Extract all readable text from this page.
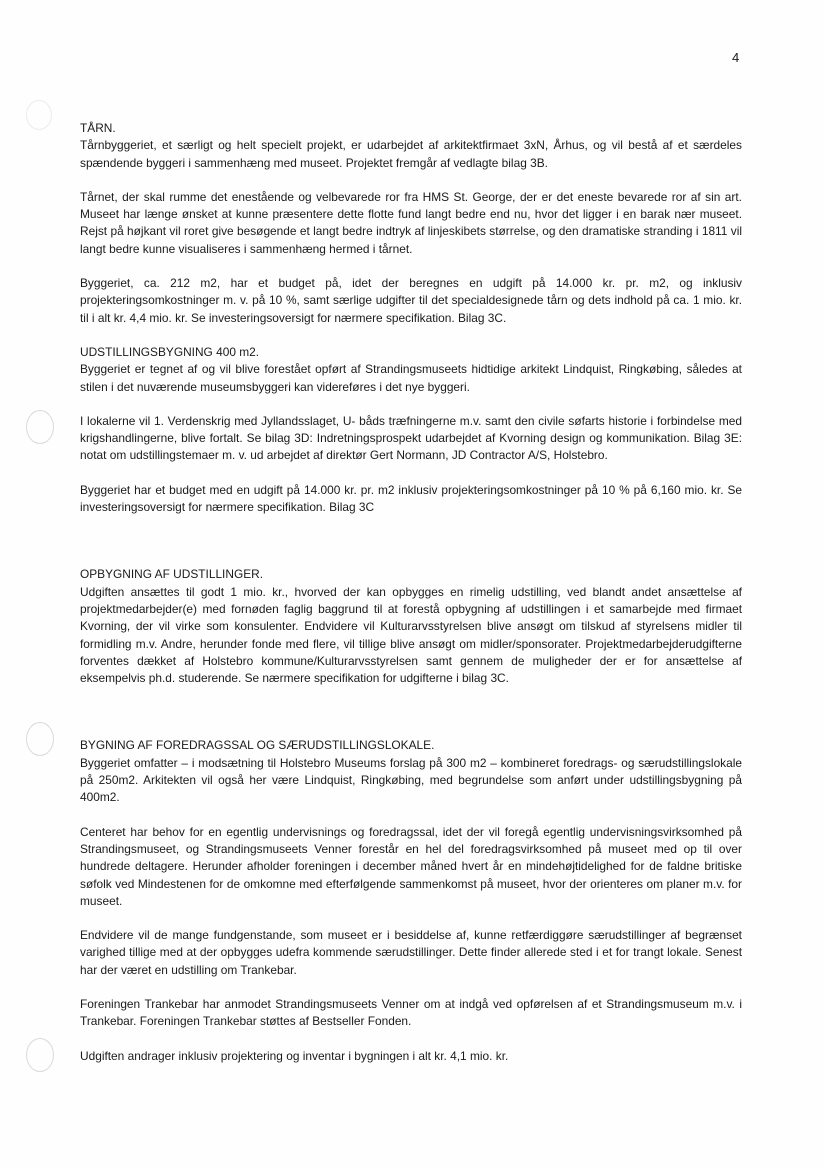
4

TÅRN.

Tårnbyggeriet, et særligt og helt specielt projekt, er udarbejdet af arkitektfirmaet 3xN, Århus, og vil bestå af et særdeles spændende byggeri i sammenhæng med museet. Projektet fremgår af vedlagte bilag 3B.

Tårnet, der skal rumme det enestående og velbevarede ror fra HMS St. George, der er det eneste bevarede ror af sin art. Museet har længe ønsket at kunne præsentere dette flotte fund langt bedre end nu, hvor det ligger i en barak nær museet. Rejst på højkant vil roret give besøgende et langt bedre indtryk af linjeskibets størrelse, og den dramatiske stranding i 1811 vil langt bedre kunne visualiseres i sammenhæng hermed i tårnet.

Byggeriet, ca. 212 m2, har et budget på, idet der beregnes en udgift på 14.000 kr. pr. m2, og inklusiv projekteringsomkostninger m. v. på 10 %, samt særlige udgifter til det specialdesignede tårn og dets indhold på ca. 1 mio. kr. til i alt kr. 4,4 mio. kr. Se investeringsoversigt for nærmere specifikation. Bilag 3C.

UDSTILLINGSBYGNING 400 m2.

Byggeriet er tegnet af og vil blive forestået opført af Strandingsmuseets hidtidige arkitekt Lindquist, Ringkøbing, således at stilen i det nuværende museumsbyggeri kan videreføres i det nye byggeri.

I lokalerne vil 1. Verdenskrig med Jyllandsslaget, U- båds træfningerne m.v. samt den civile søfarts historie i forbindelse med krigshandlingerne, blive fortalt. Se bilag 3D: Indretningsprospekt udarbejdet af Kvorning design og kommunikation. Bilag 3E: notat om udstillingstemaer m. v. ud arbejdet af direktør Gert Normann, JD Contractor A/S, Holstebro.

Byggeriet har et budget med en udgift på 14.000 kr. pr. m2 inklusiv projekteringsomkostninger på 10 % på 6,160 mio. kr. Se investeringsoversigt for nærmere specifikation. Bilag 3C

OPBYGNING AF UDSTILLINGER.

Udgiften ansættes til godt 1 mio. kr., hvorved der kan opbygges en rimelig udstilling, ved blandt andet ansættelse af projektmedarbejder(e) med fornøden faglig baggrund til at forestå opbygning af udstillingen i et samarbejde med firmaet Kvorning, der vil virke som konsulenter. Endvidere vil Kulturarvsstyrelsen blive ansøgt om tilskud af styrelsens midler til formidling m.v. Andre, herunder fonde med flere, vil tillige blive ansøgt om midler/sponsorater. Projektmedarbejderudgifterne forventes dækket af Holstebro kommune/Kulturarvsstyrelsen samt gennem de muligheder der er for ansættelse af eksempelvis ph.d. studerende. Se nærmere specifikation for udgifterne i bilag 3C.

BYGNING AF FOREDRAGSSAL OG SÆRUDSTILLINGSLOKALE.

Byggeriet omfatter – i modsætning til Holstebro Museums forslag på 300 m2 – kombineret foredrags- og særudstillingslokale på 250m2. Arkitekten vil også her være Lindquist, Ringkøbing, med begrundelse som anført under udstillingsbygning på 400m2.

Centeret har behov for en egentlig undervisnings og foredragssal, idet der vil foregå egentlig undervisningsvirksomhed på Strandingsmuseet, og Strandingsmuseets Venner forestår en hel del foredragsvirksomhed på museet med op til over hundrede deltagere. Herunder afholder foreningen i december måned hvert år en mindehøjtidelighed for de faldne britiske søfolk ved Mindestenen for de omkomne med efterfølgende sammenkomst på museet, hvor der orienteres om planer m.v. for museet.

Endvidere vil de mange fundgenstande, som museet er i besiddelse af, kunne retfærdiggøre særudstillinger af begrænset varighed tillige med at der opbygges udefra kommende særudstillinger. Dette finder allerede sted i et for trangt lokale. Senest har der været en udstilling om Trankebar.

Foreningen Trankebar har anmodet Strandingsmuseets Venner om at indgå ved opførelsen af et Strandingsmuseum m.v. i Trankebar. Foreningen Trankebar støttes af Bestseller Fonden.

Udgiften andrager inklusiv projektering og inventar i bygningen i alt kr. 4,1 mio. kr.
